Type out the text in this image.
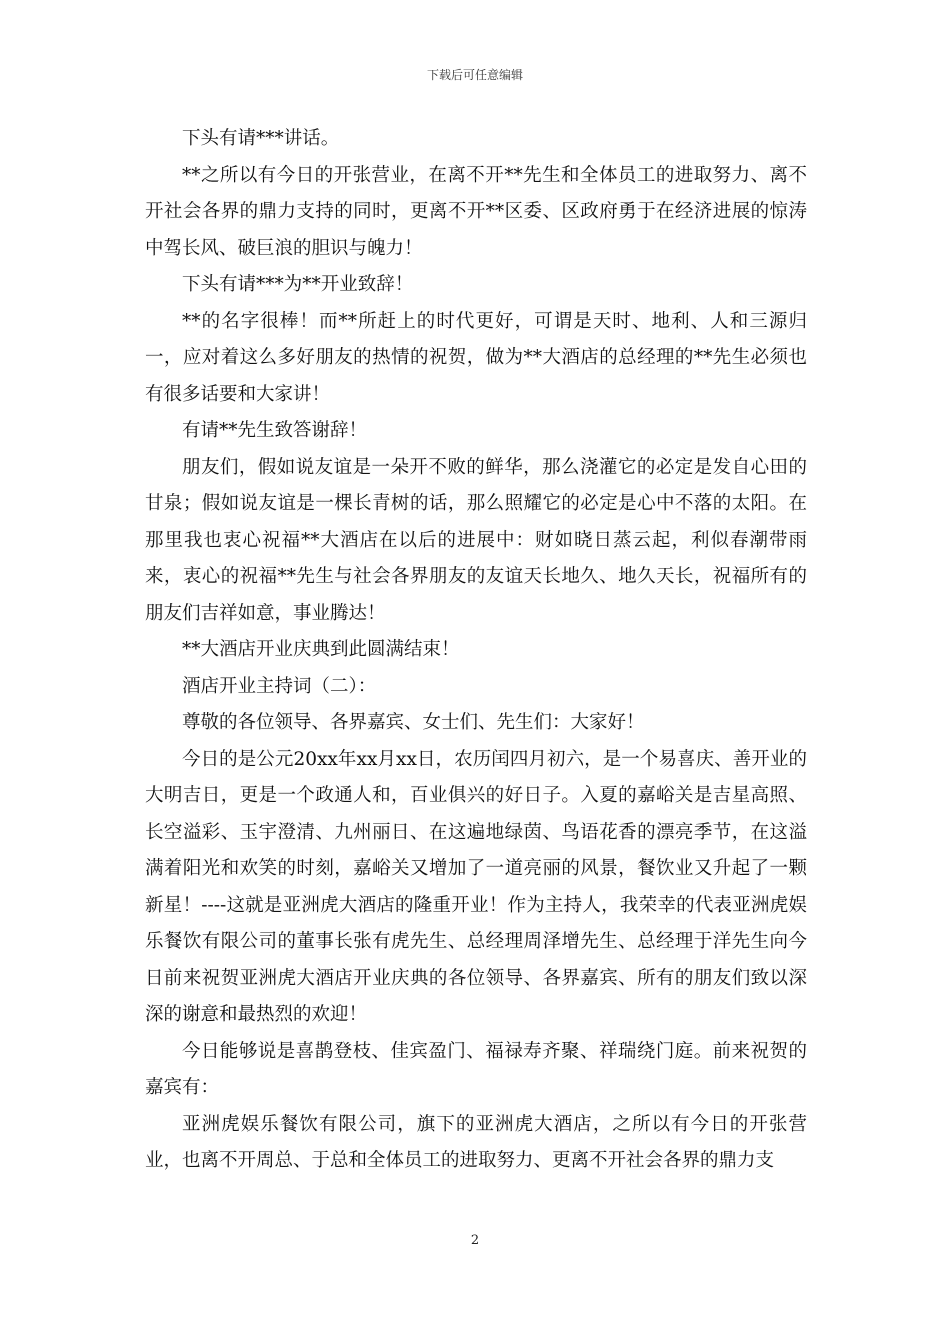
下载后可任意编辑

下头有请***讲话。

**之所以有今日的开张营业，在离不开**先生和全体员工的进取努力、离不开社会各界的鼎力支持的同时，更离不开**区委、区政府勇于在经济进展的惊涛中驾长风、破巨浪的胆识与魄力！

下头有请***为**开业致辞！

**的名字很棒！而**所赶上的时代更好，可谓是天时、地利、人和三源归一，应对着这么多好朋友的热情的祝贺，做为**大酒店的总经理的**先生必须也有很多话要和大家讲！

有请**先生致答谢辞！

朋友们，假如说友谊是一朵开不败的鲜华，那么浇灌它的必定是发自心田的甘泉；假如说友谊是一棵长青树的话，那么照耀它的必定是心中不落的太阳。在那里我也衷心祝福**大酒店在以后的进展中：财如晓日蒸云起，利似春潮带雨来，衷心的祝福**先生与社会各界朋友的友谊天长地久、地久天长，祝福所有的朋友们吉祥如意，事业腾达！

**大酒店开业庆典到此圆满结束！

酒店开业主持词（二）：

尊敬的各位领导、各界嘉宾、女士们、先生们：大家好！

今日的是公元20xx年xx月xx日，农历闰四月初六，是一个易喜庆、善开业的大明吉日，更是一个政通人和，百业俱兴的好日子。入夏的嘉峪关是吉星高照、长空溢彩、玉宇澄清、九州丽日、在这遍地绿茵、鸟语花香的漂亮季节，在这溢满着阳光和欢笑的时刻，嘉峪关又增加了一道亮丽的风景，餐饮业又升起了一颗新星！----这就是亚洲虎大酒店的隆重开业！作为主持人，我荣幸的代表亚洲虎娱乐餐饮有限公司的董事长张有虎先生、总经理周泽增先生、总经理于洋先生向今日前来祝贺亚洲虎大酒店开业庆典的各位领导、各界嘉宾、所有的朋友们致以深深的谢意和最热烈的欢迎！

今日能够说是喜鹊登枝、佳宾盈门、福禄寿齐聚、祥瑞绕门庭。前来祝贺的嘉宾有：

亚洲虎娱乐餐饮有限公司，旗下的亚洲虎大酒店，之所以有今日的开张营业，也离不开周总、于总和全体员工的进取努力、更离不开社会各界的鼎力支

2
